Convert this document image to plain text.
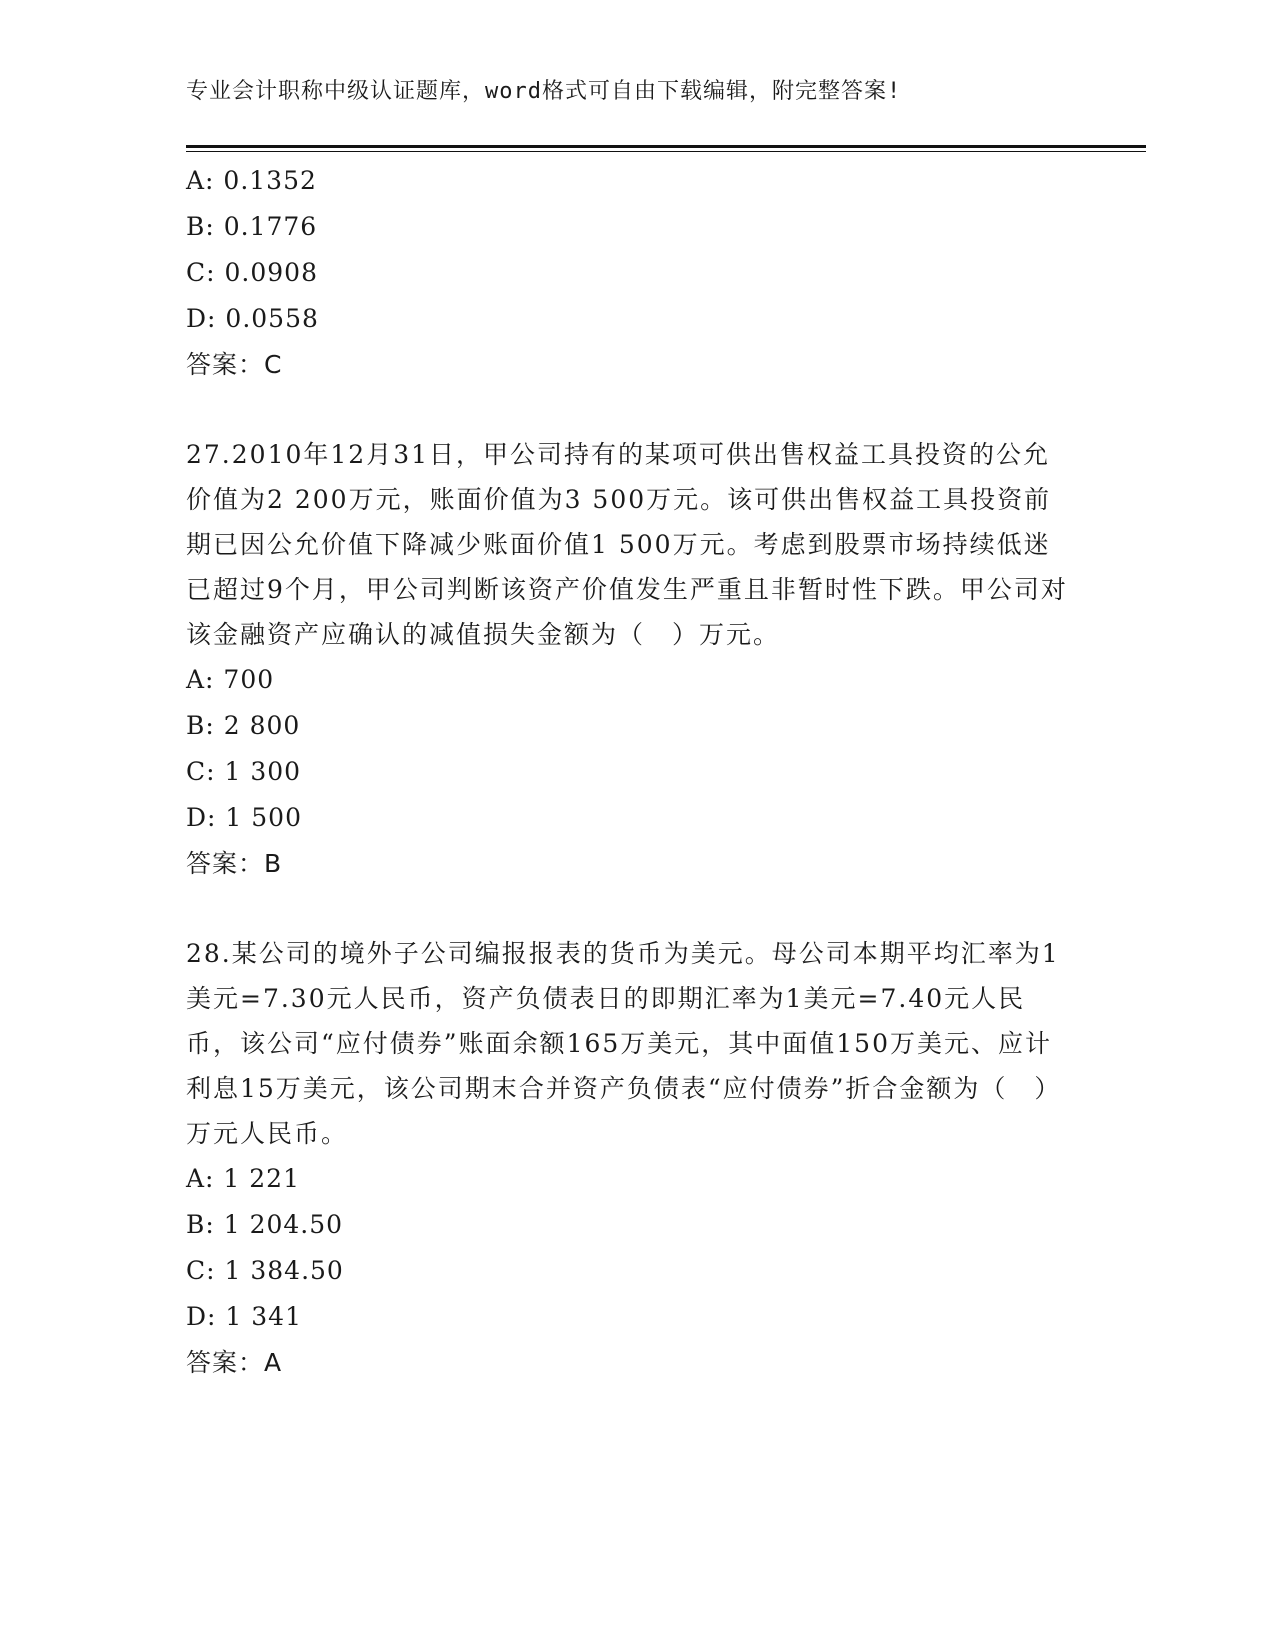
专业会计职称中级认证题库，word格式可自由下载编辑，附完整答案!
A: 0.1352
B: 0.1776
C: 0.0908
D: 0.0558
答案：C
27.2010年12月31日，甲公司持有的某项可供出售权益工具投资的公允价值为2 200万元，账面价值为3 500万元。该可供出售权益工具投资前期已因公允价值下降减少账面价值1 500万元。考虑到股票市场持续低迷已超过9个月，甲公司判断该资产价值发生严重且非暂时性下跌。甲公司对该金融资产应确认的减值损失金额为（　）万元。
A: 700
B: 2 800
C: 1 300
D: 1 500
答案：B
28.某公司的境外子公司编报报表的货币为美元。母公司本期平均汇率为1美元=7.30元人民币，资产负债表日的即期汇率为1美元=7.40元人民币，该公司“应付债券”账面余额165万美元，其中面值150万美元、应计利息15万美元，该公司期末合并资产负债表“应付债券”折合金额为（　）万元人民币。
A: 1 221
B: 1 204.50
C: 1 384.50
D: 1 341
答案：A
